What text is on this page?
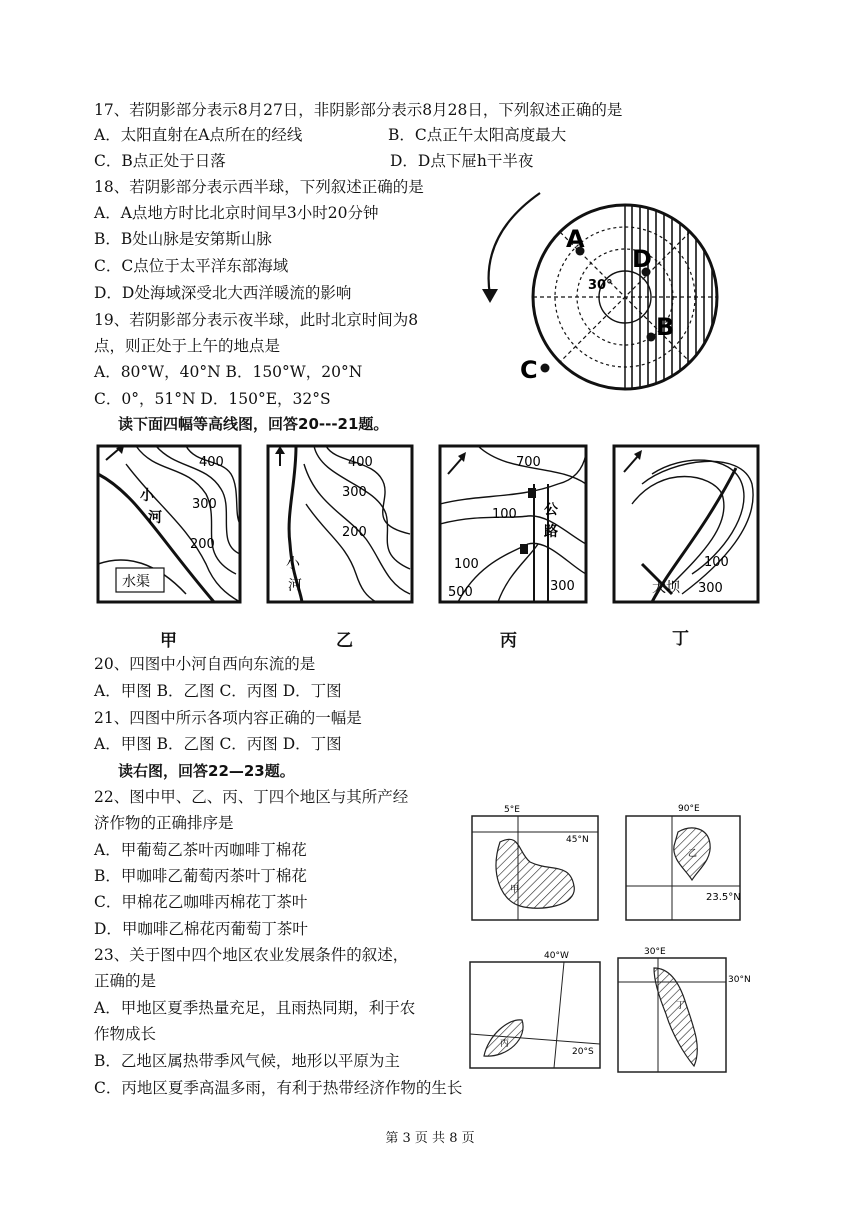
17、若阴影部分表示8月27日，非阴影部分表示8月28日，下列叙述正确的是
A．太阳直射在A点所在的经线	B．C点正午太阳高度最大
C．B点正处于日落	D．D点下屉h干半夜
18、若阴影部分表示西半球，下列叙述正确的是
A．A点地方时比北京时间早3小时20分钟
B．B处山脉是安第斯山脉
C．C点位于太平洋东部海域
D．D处海域深受北大西洋暖流的影响
19、若阴影部分表示夜半球，此时北京时间为8
点，则正处于上午的地点是
A．80°W，40°N B．150°W，20°N
C．0°，51°N D．150°E，32°S
A
D
B
C
30°
读下面四幅等高线图，回答20---21题。
400
300
200
小
河
水渠
400
300
200
小
河
700
100
100
500	300
公
路
100
300
大坝
甲	乙	丙	丁
20、四图中小河自西向东流的是
A．甲图 B．乙图 C．丙图 D．丁图
21、四图中所示各项内容正确的一幅是
A．甲图 B．乙图 C．丙图 D．丁图
读右图，回答22—23题。
22、图中甲、乙、丙、丁四个地区与其所产经
济作物的正确排序是
A．甲葡萄乙茶叶丙咖啡丁棉花
B．甲咖啡乙葡萄丙茶叶丁棉花
C．甲棉花乙咖啡丙棉花丁茶叶
D．甲咖啡乙棉花丙葡萄丁茶叶
23、关于图中四个地区农业发展条件的叙述，
正确的是
A．甲地区夏季热量充足，且雨热同期，利于农
作物成长
B．乙地区属热带季风气候，地形以平原为主
C．丙地区夏季高温多雨，有利于热带经济作物的生长
5°E
45°N
甲
90°E
23.5°N
乙
40°W
20°S
丙
30°E
30°N
丁
第 3 页 共 8 页
